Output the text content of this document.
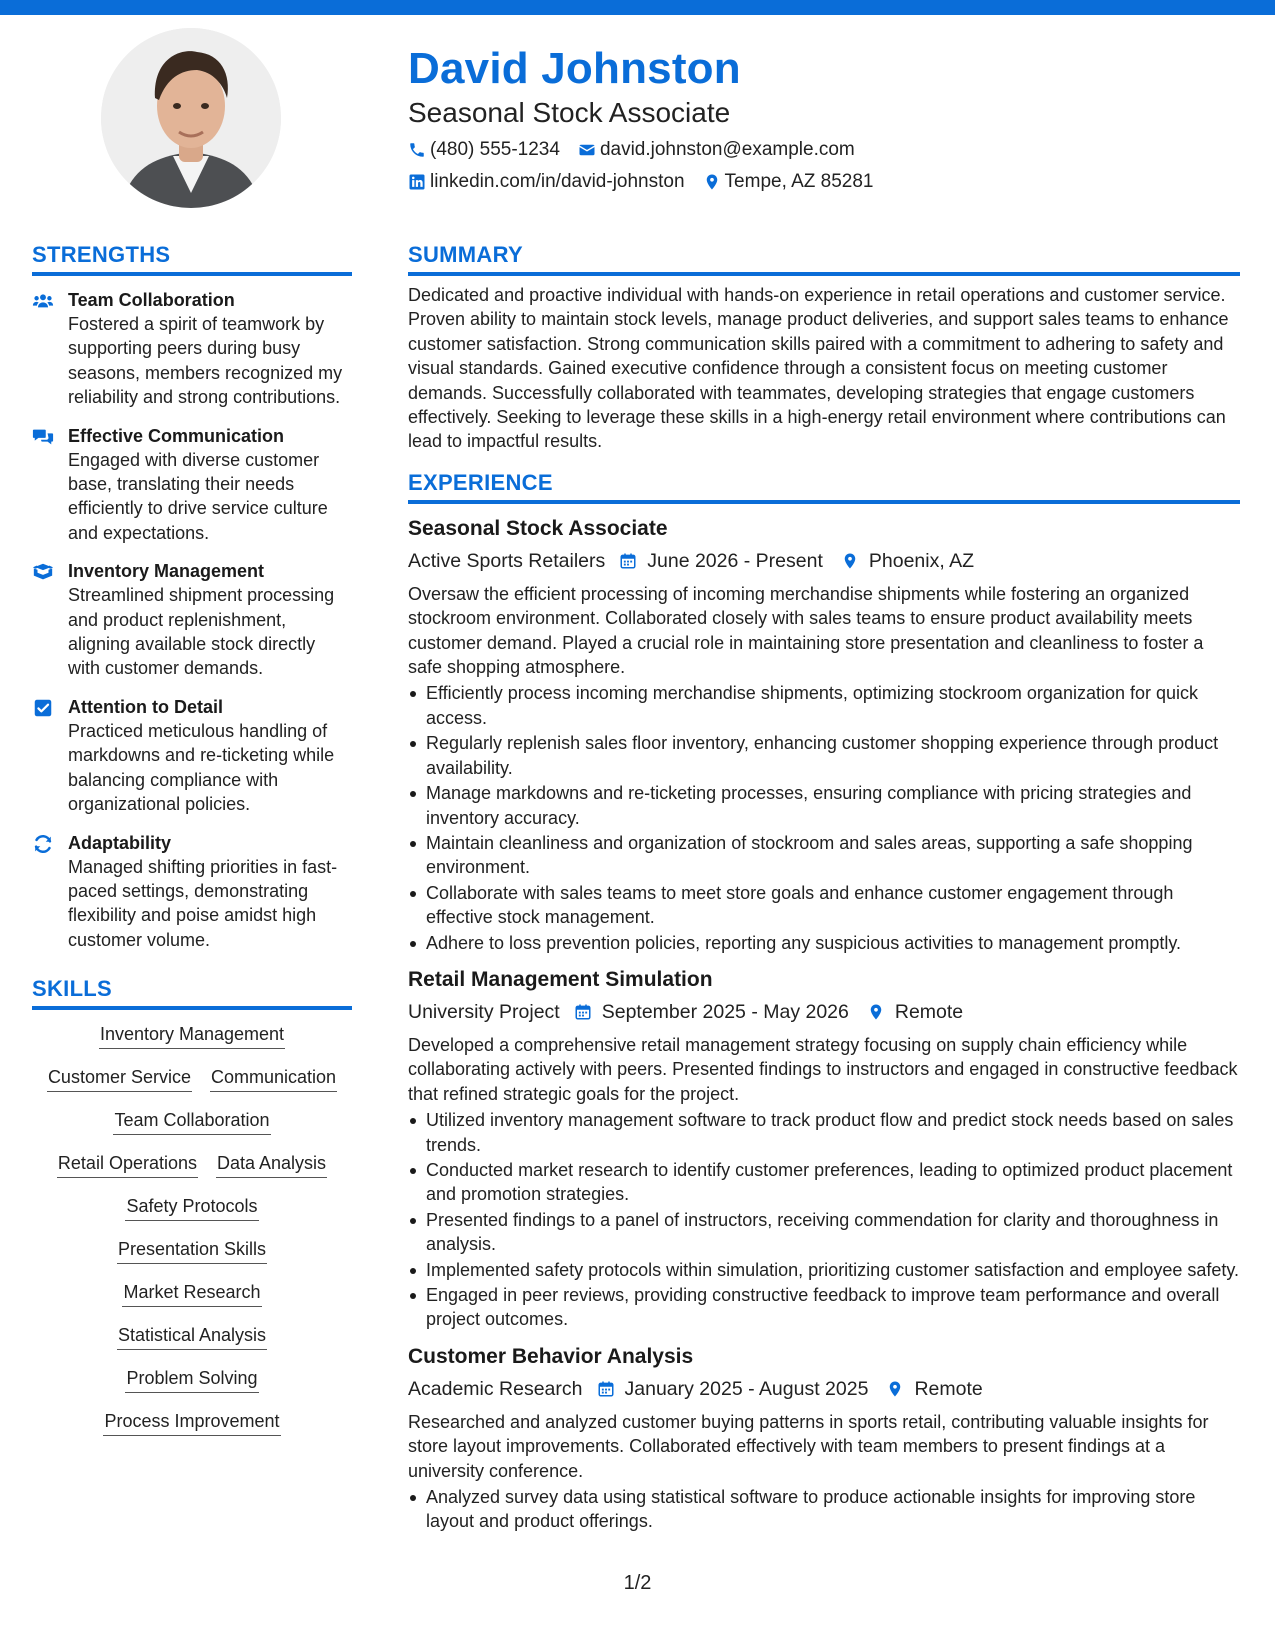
David Johnston
Seasonal Stock Associate
(480) 555-1234 david.johnston@example.com
linkedin.com/in/david-johnston Tempe, AZ 85281
STRENGTHS
Team Collaboration
Fostered a spirit of teamwork by supporting peers during busy seasons, members recognized my reliability and strong contributions.
Effective Communication
Engaged with diverse customer base, translating their needs efficiently to drive service culture and expectations.
Inventory Management
Streamlined shipment processing and product replenishment, aligning available stock directly with customer demands.
Attention to Detail
Practiced meticulous handling of markdowns and re-ticketing while balancing compliance with organizational policies.
Adaptability
Managed shifting priorities in fast-paced settings, demonstrating flexibility and poise amidst high customer volume.
SKILLS
Inventory Management
Customer Service Communication
Team Collaboration
Retail Operations Data Analysis
Safety Protocols
Presentation Skills
Market Research
Statistical Analysis
Problem Solving
Process Improvement
SUMMARY
Dedicated and proactive individual with hands-on experience in retail operations and customer service. Proven ability to maintain stock levels, manage product deliveries, and support sales teams to enhance customer satisfaction. Strong communication skills paired with a commitment to adhering to safety and visual standards. Gained executive confidence through a consistent focus on meeting customer demands. Successfully collaborated with teammates, developing strategies that engage customers effectively. Seeking to leverage these skills in a high-energy retail environment where contributions can lead to impactful results.
EXPERIENCE
Seasonal Stock Associate
Active Sports Retailers June 2026 - Present Phoenix, AZ
Oversaw the efficient processing of incoming merchandise shipments while fostering an organized stockroom environment. Collaborated closely with sales teams to ensure product availability meets customer demand. Played a crucial role in maintaining store presentation and cleanliness to foster a safe shopping atmosphere.
Efficiently process incoming merchandise shipments, optimizing stockroom organization for quick access.
Regularly replenish sales floor inventory, enhancing customer shopping experience through product availability.
Manage markdowns and re-ticketing processes, ensuring compliance with pricing strategies and inventory accuracy.
Maintain cleanliness and organization of stockroom and sales areas, supporting a safe shopping environment.
Collaborate with sales teams to meet store goals and enhance customer engagement through effective stock management.
Adhere to loss prevention policies, reporting any suspicious activities to management promptly.
Retail Management Simulation
University Project September 2025 - May 2026 Remote
Developed a comprehensive retail management strategy focusing on supply chain efficiency while collaborating actively with peers. Presented findings to instructors and engaged in constructive feedback that refined strategic goals for the project.
Utilized inventory management software to track product flow and predict stock needs based on sales trends.
Conducted market research to identify customer preferences, leading to optimized product placement and promotion strategies.
Presented findings to a panel of instructors, receiving commendation for clarity and thoroughness in analysis.
Implemented safety protocols within simulation, prioritizing customer satisfaction and employee safety.
Engaged in peer reviews, providing constructive feedback to improve team performance and overall project outcomes.
Customer Behavior Analysis
Academic Research January 2025 - August 2025 Remote
Researched and analyzed customer buying patterns in sports retail, contributing valuable insights for store layout improvements. Collaborated effectively with team members to present findings at a university conference.
Analyzed survey data using statistical software to produce actionable insights for improving store layout and product offerings.
1/2
